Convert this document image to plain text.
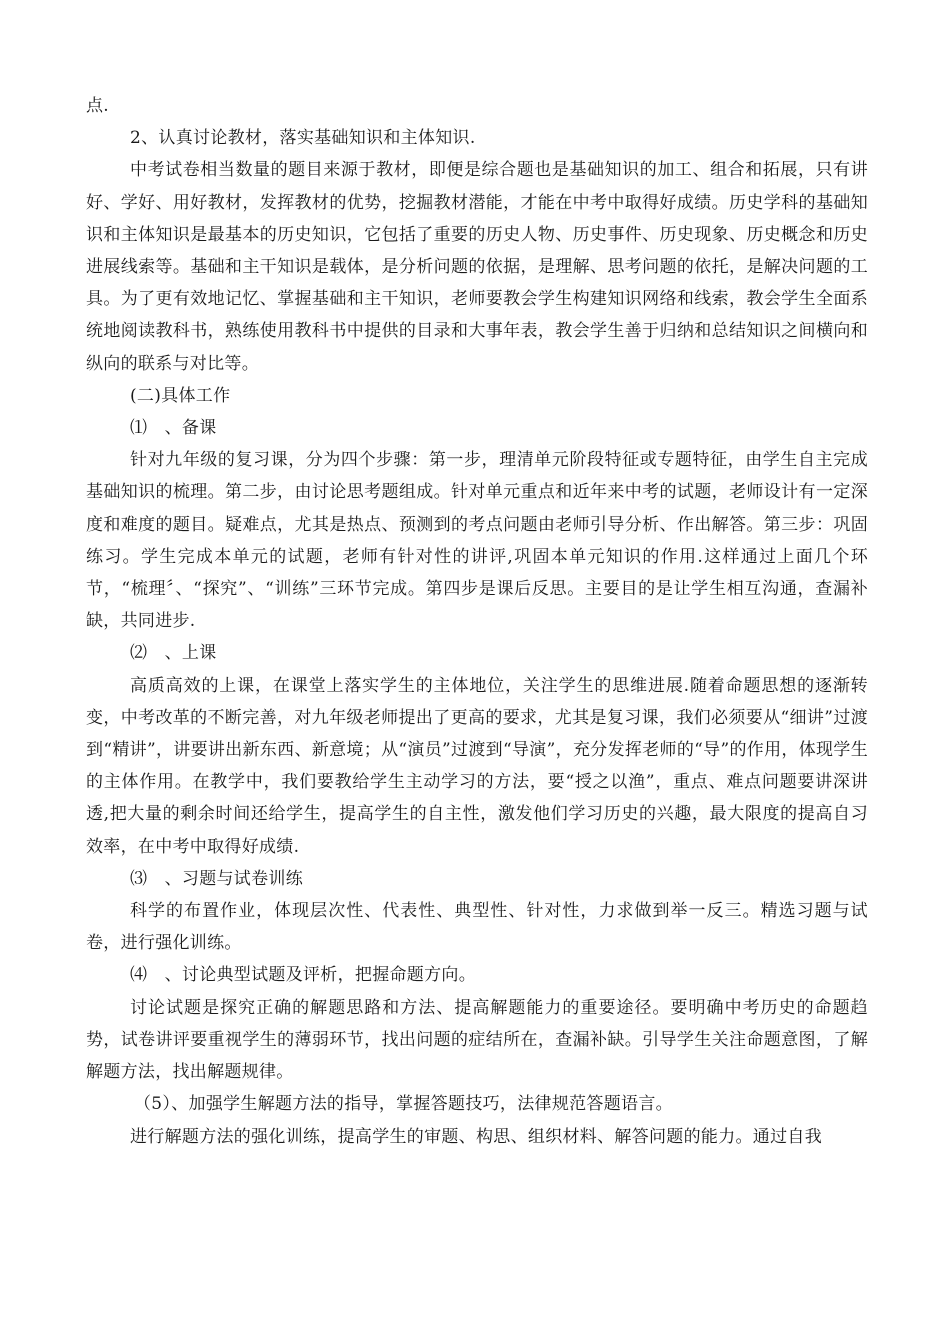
点.

2、认真讨论教材，落实基础知识和主体知识.

中考试卷相当数量的题目来源于教材，即便是综合题也是基础知识的加工、组合和拓展，只有讲好、学好、用好教材，发挥教材的优势，挖掘教材潜能，才能在中考中取得好成绩。历史学科的基础知识和主体知识是最基本的历史知识，它包括了重要的历史人物、历史事件、历史现象、历史概念和历史进展线索等。基础和主干知识是载体，是分析问题的依据，是理解、思考问题的依托，是解决问题的工具。为了更有效地记忆、掌握基础和主干知识，老师要教会学生构建知识网络和线索，教会学生全面系统地阅读教科书，熟练使用教科书中提供的目录和大事年表，教会学生善于归纳和总结知识之间横向和纵向的联系与对比等。

(二)具体工作

⑴　、备课

针对九年级的复习课，分为四个步骤：第一步，理清单元阶段特征或专题特征，由学生自主完成基础知识的梳理。第二步，由讨论思考题组成。针对单元重点和近年来中考的试题，老师设计有一定深度和难度的题目。疑难点，尤其是热点、预测到的考点问题由老师引导分析、作出解答。第三步：巩固练习。学生完成本单元的试题，老师有针对性的讲评,巩固本单元知识的作用.这样通过上面几个环节，“梳理〞、“探究”、“训练”三环节完成。第四步是课后反思。主要目的是让学生相互沟通，查漏补缺，共同进步.

⑵　、上课

高质高效的上课，在课堂上落实学生的主体地位，关注学生的思维进展.随着命题思想的逐渐转变，中考改革的不断完善，对九年级老师提出了更高的要求，尤其是复习课，我们必须要从“细讲”过渡到“精讲”，讲要讲出新东西、新意境；从“演员”过渡到“导演”，充分发挥老师的“导”的作用，体现学生的主体作用。在教学中，我们要教给学生主动学习的方法，要“授之以渔”，重点、难点问题要讲深讲透,把大量的剩余时间还给学生，提高学生的自主性，激发他们学习历史的兴趣，最大限度的提高自习效率，在中考中取得好成绩.

⑶　、习题与试卷训练

科学的布置作业，体现层次性、代表性、典型性、针对性，力求做到举一反三。精选习题与试卷，进行强化训练。

⑷　、讨论典型试题及评析，把握命题方向。

讨论试题是探究正确的解题思路和方法、提高解题能力的重要途径。要明确中考历史的命题趋势，试卷讲评要重视学生的薄弱环节，找出问题的症结所在，查漏补缺。引导学生关注命题意图，了解解题方法，找出解题规律。

（5）、加强学生解题方法的指导，掌握答题技巧，法律规范答题语言。

进行解题方法的强化训练，提高学生的审题、构思、组织材料、解答问题的能力。通过自我
